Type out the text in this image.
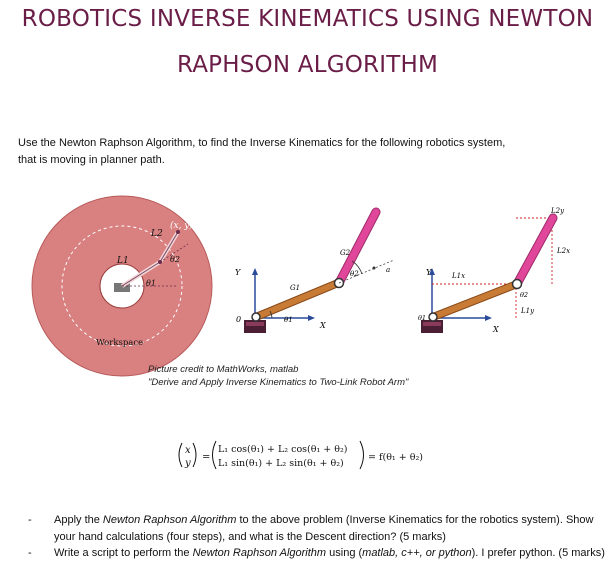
ROBOTICS INVERSE KINEMATICS USING NEWTON
RAPHSON ALGORITHM
Use the Newton Raphson Algorithm, to find the Inverse Kinematics for the following robotics system,
that is moving in planner path.
(x, y)
L2
L1	θ2
θ1
Workspace
Y
X
0
G1
G2
θ1
θ2	a	Y
X
L2y
L2x
L1x
L1y
θ1
θ2
x
y
=
L₁ cos(θ₁) + L₂ cos(θ₁ + θ₂)
L₁ sin(θ₁) + L₂ sin(θ₁ + θ₂)
= f(θ₁ + θ₂)
Picture credit to MathWorks, matlab
"Derive and Apply Inverse Kinematics to Two-Link Robot Arm"
- Apply the Newton Raphson Algorithm to the above problem (Inverse Kinematics for the robotics system). Show your hand calculations (four steps), and what is the Descent direction? (5 marks)
- Write a script to perform the Newton Raphson Algorithm using (matlab, c++, or python). I prefer python. (5 marks)
